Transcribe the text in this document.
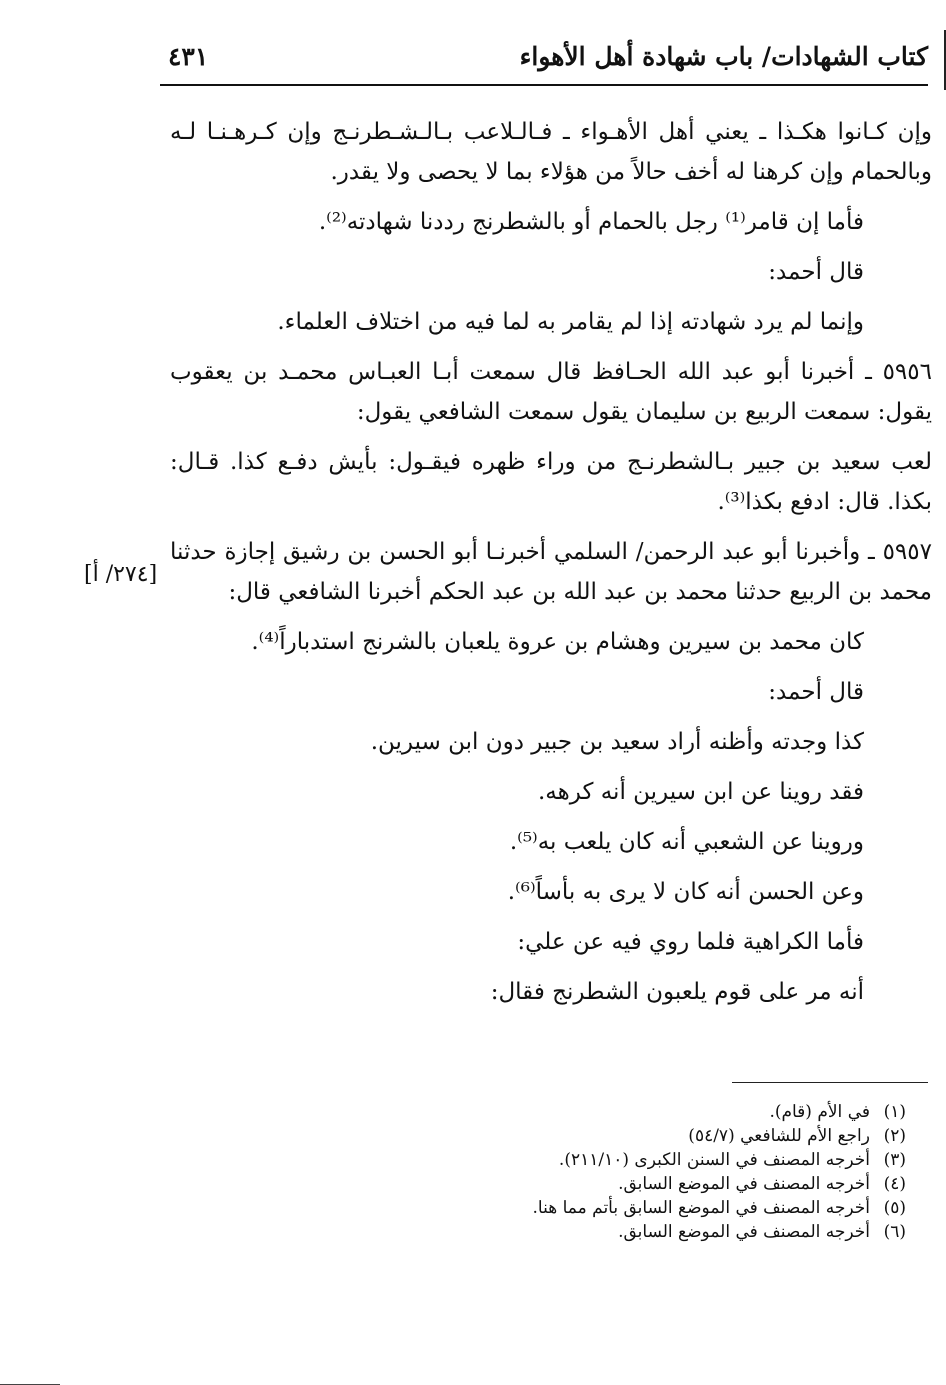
كتاب الشهادات/ باب شهادة أهل الأهواء
٤٣١
[٢٧٤/ أ]

وإن كـانوا هكـذا ـ يعني أهل الأهـواء ـ فـالـلاعب بـالـشـطرنـج وإن كـرهـنـا لـه وبالحمام وإن كرهنا له أخف حالاً من هؤلاء بما لا يحصى ولا يقدر.

فأما إن قامر⁽¹⁾ رجل بالحمام أو بالشطرنج رددنا شهادته⁽²⁾.

قال أحمد:

وإنما لم يرد شهادته إذا لم يقامر به لما فيه من اختلاف العلماء.

٥٩٥٦ ـ أخبرنا أبو عبد الله الحـافظ قال سمعت أبـا العبـاس محمـد بن يعقوب يقول: سمعت الربيع بن سليمان يقول سمعت الشافعي يقول:

لعب سعيد بن جبير بـالشطرنـج من وراء ظهره فيقـول: بأيش دفـع كذا. قـال: بكذا. قال: ادفع بكذا⁽³⁾.

٥٩٥٧ ـ وأخبرنا أبو عبد الرحمن/ السلمي أخبرنـا أبو الحسن بن رشيق إجازة حدثنا محمد بن الربيع حدثنا محمد بن عبد الله بن عبد الحكم أخبرنا الشافعي قال:

كان محمد بن سيرين وهشام بن عروة يلعبان بالشرنج استدباراً⁽⁴⁾.

قال أحمد:

كذا وجدته وأظنه أراد سعيد بن جبير دون ابن سيرين.

فقد روينا عن ابن سيرين أنه كرهه.

وروينا عن الشعبي أنه كان يلعب به⁽⁵⁾.

وعن الحسن أنه كان لا يرى به بأساً⁽⁶⁾.

فأما الكراهية فلما روي فيه عن علي:

أنه مر على قوم يلعبون الشطرنج فقال:

(١)في الأم (قام).

(٢)راجع الأم للشافعي (٥٤/٧)

(٣)أخرجه المصنف في السنن الكبرى (٢١١/١٠).

(٤)أخرجه المصنف في الموضع السابق.

(٥)أخرجه المصنف في الموضع السابق بأتم مما هنا.

(٦)أخرجه المصنف في الموضع السابق.
